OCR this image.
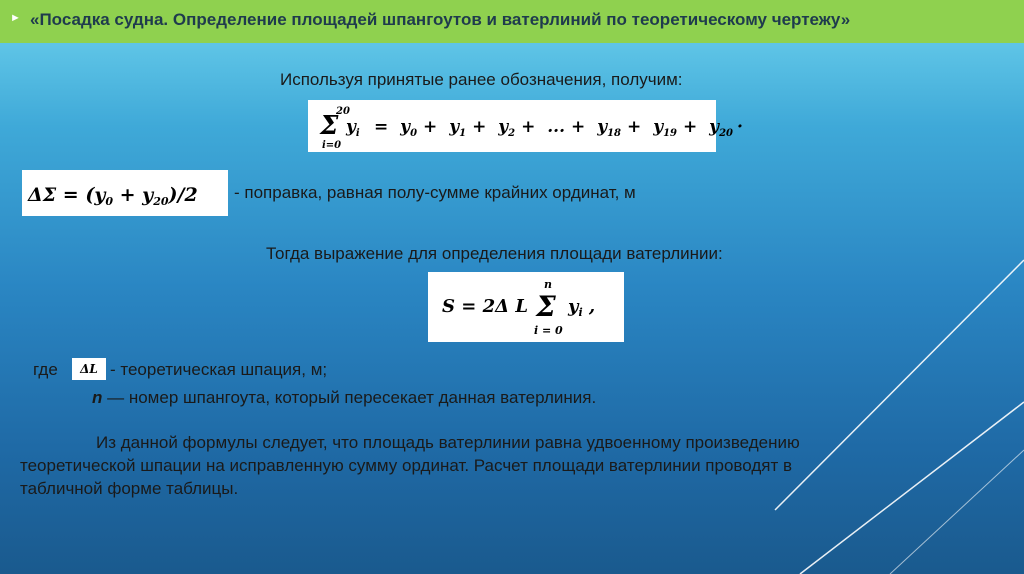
► «Посадка судна. Определение площадей шпангоутов и ватерлиний по теоретическому чертежу»
Используя принятые ранее обозначения, получим:
Σ
20
i=0
$y_i = y_0 + y_1 + y_2$ + ... + $y_{18} + y_{19} + y_{20}$ ·
$\Delta\Sigma = (y_0 + y_{20})/2$ - поправка, равная полу-сумме крайних ординат, м
Тогда выражение для определения площади ватерлинии:
S = 2Δ L Σ
n
i = 0
$y_i$ ,
где ΔL - теоретическая шпация, м;
n — номер шпангоута, который пересекает данная ватерлиния.
Из данной формулы следует, что площадь ватерлинии равна удвоенному произведению
теоретической шпации на исправленную сумму ординат. Расчет площади ватерлинии проводят в
табличной форме таблицы.
